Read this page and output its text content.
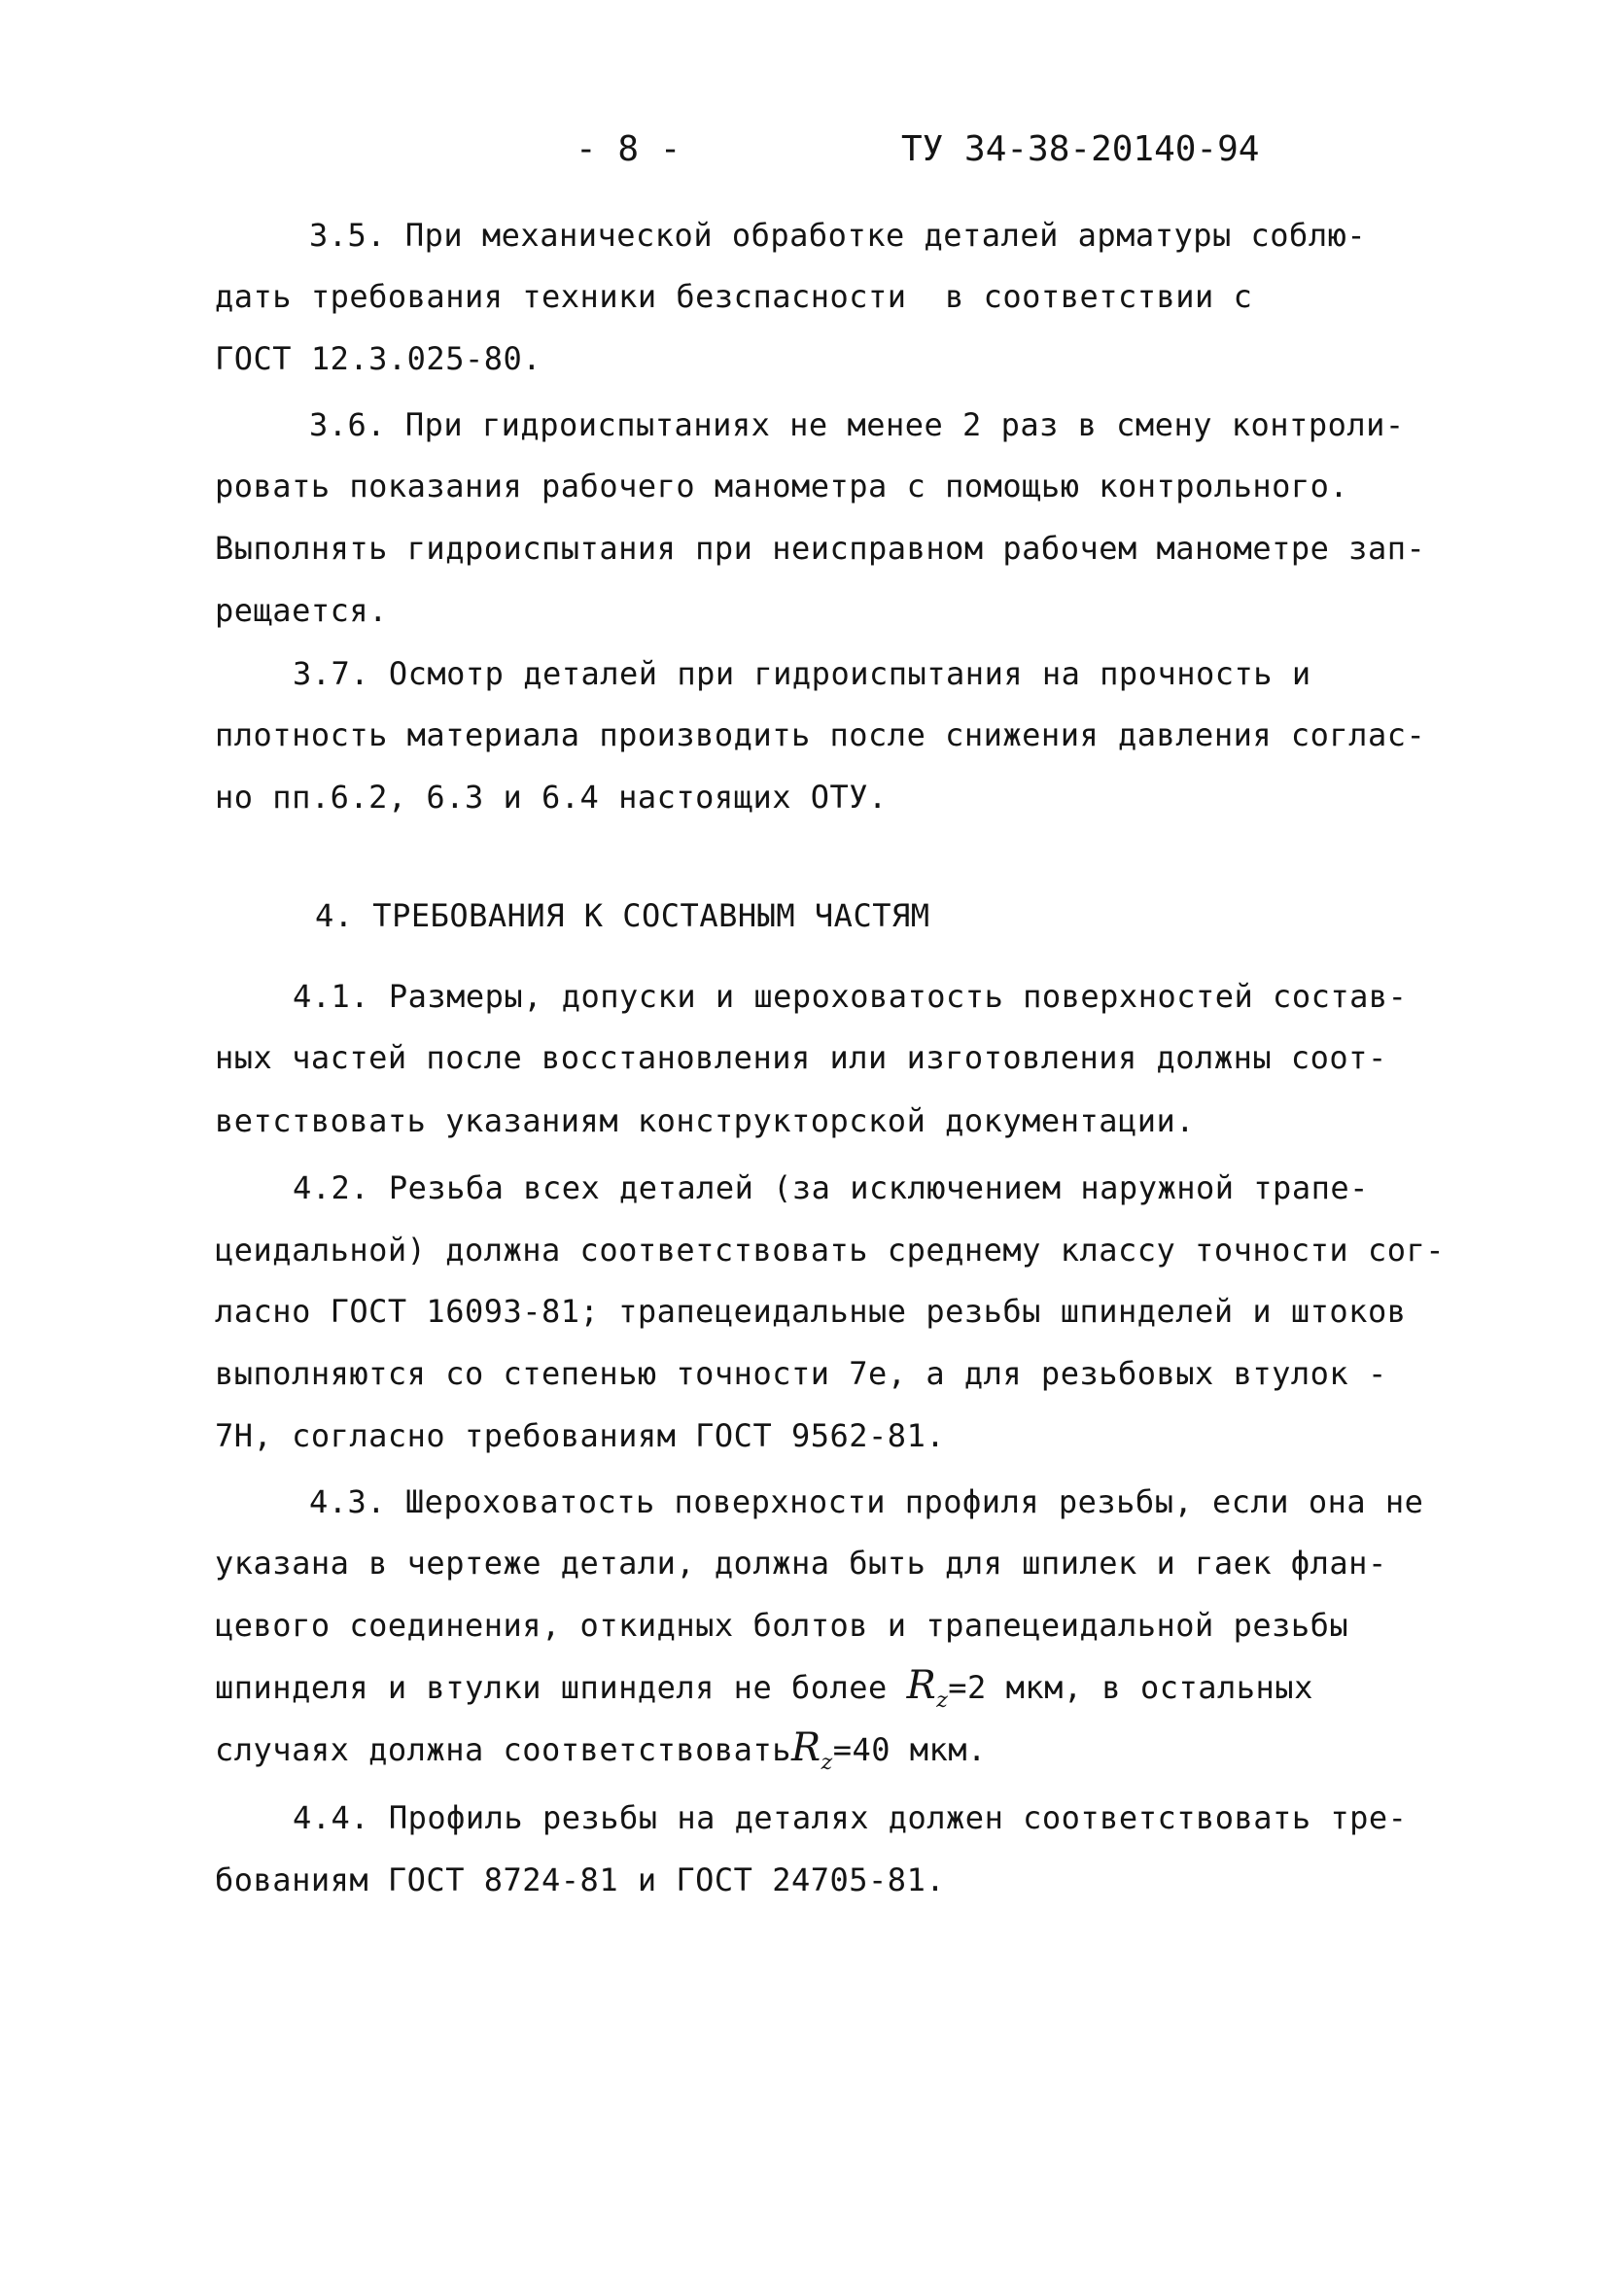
- 8 -	ТУ 34-38-20140-94
3.5. При механической обработке деталей арматуры соблю-
дать требования техники безспасности  в соответствии с
ГОСТ 12.3.025-80.
3.6. При гидроиспытаниях не менее 2 раз в смену контроли-
ровать показания рабочего манометра с помощью контрольного.
Выполнять гидроиспытания при неисправном рабочем манометре зап-
рещается.
3.7. Осмотр деталей при гидроиспытания на прочность и
плотность материала производить после снижения давления соглас-
но пп.6.2, 6.3 и 6.4 настоящих ОТУ.
4. ТРЕБОВАНИЯ К СОСТАВНЫМ ЧАСТЯМ
4.1. Размеры, допуски и шероховатость поверхностей состав-
ных частей после восстановления или изготовления должны соот-
ветствовать указаниям конструкторской документации.
4.2. Резьба всех деталей (за исключением наружной трапе-
цеидальной) должна соответствовать среднему классу точности сог-
ласно ГОСТ 16093-81; трапецеидальные резьбы шпинделей и штоков
выполняются со степенью точности 7е, а для резьбовых втулок -
7Н, согласно требованиям ГОСТ 9562-81.
4.3. Шероховатость поверхности профиля резьбы, если она не
указана в чертеже детали, должна быть для шпилек и гаек флан-
цевого соединения, откидных болтов и трапецеидальной резьбы
шпинделя и втулки шпинделя не более $R_z=2$ мкм, в остальных
случаях должна соответствоватьR$_z$=40 мкм.
4.4. Профиль резьбы на деталях должен соответствовать тре-
бованиям ГОСТ 8724-81 и ГОСТ 24705-81.
